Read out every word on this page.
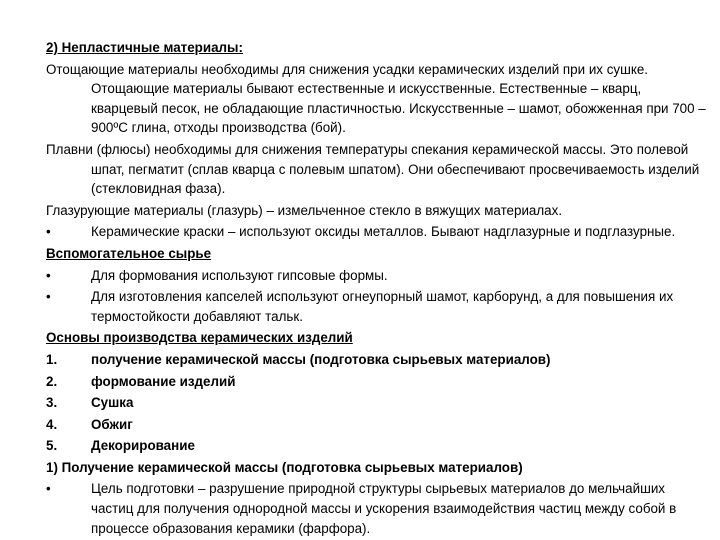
2) Непластичные материалы:
Отощающие материалы необходимы для снижения усадки керамических изделий при их сушке. Отощающие материалы бывают естественные и искусственные. Естественные – кварц, кварцевый песок, не обладающие пластичностью. Искусственные – шамот, обожженная при 700 – 900ºС глина, отходы производства (бой).
Плавни (флюсы) необходимы для снижения температуры спекания керамической массы. Это полевой шпат, пегматит (сплав кварца с полевым шпатом). Они обеспечивают просвечиваемость изделий (стекловидная фаза).
Глазурующие материалы (глазурь) – измельченное стекло в вяжущих материалах.
•	Керамические краски – используют оксиды металлов. Бывают надглазурные и подглазурные.
Вспомогательное сырье
•	Для формования используют гипсовые формы.
•	Для изготовления капселей используют огнеупорный шамот, карборунд, а для повышения их термостойкости добавляют тальк.
Основы производства керамических изделий
1.	получение керамической массы (подготовка сырьевых материалов)
2.	формование изделий
3.	Сушка
4.	Обжиг
5.	Декорирование
1) Получение керамической массы (подготовка сырьевых материалов)
•	Цель подготовки – разрушение природной структуры сырьевых материалов до мельчайших частиц для получения однородной массы и ускорения взаимодействия частиц между собой в процессе образования керамики (фарфора).
